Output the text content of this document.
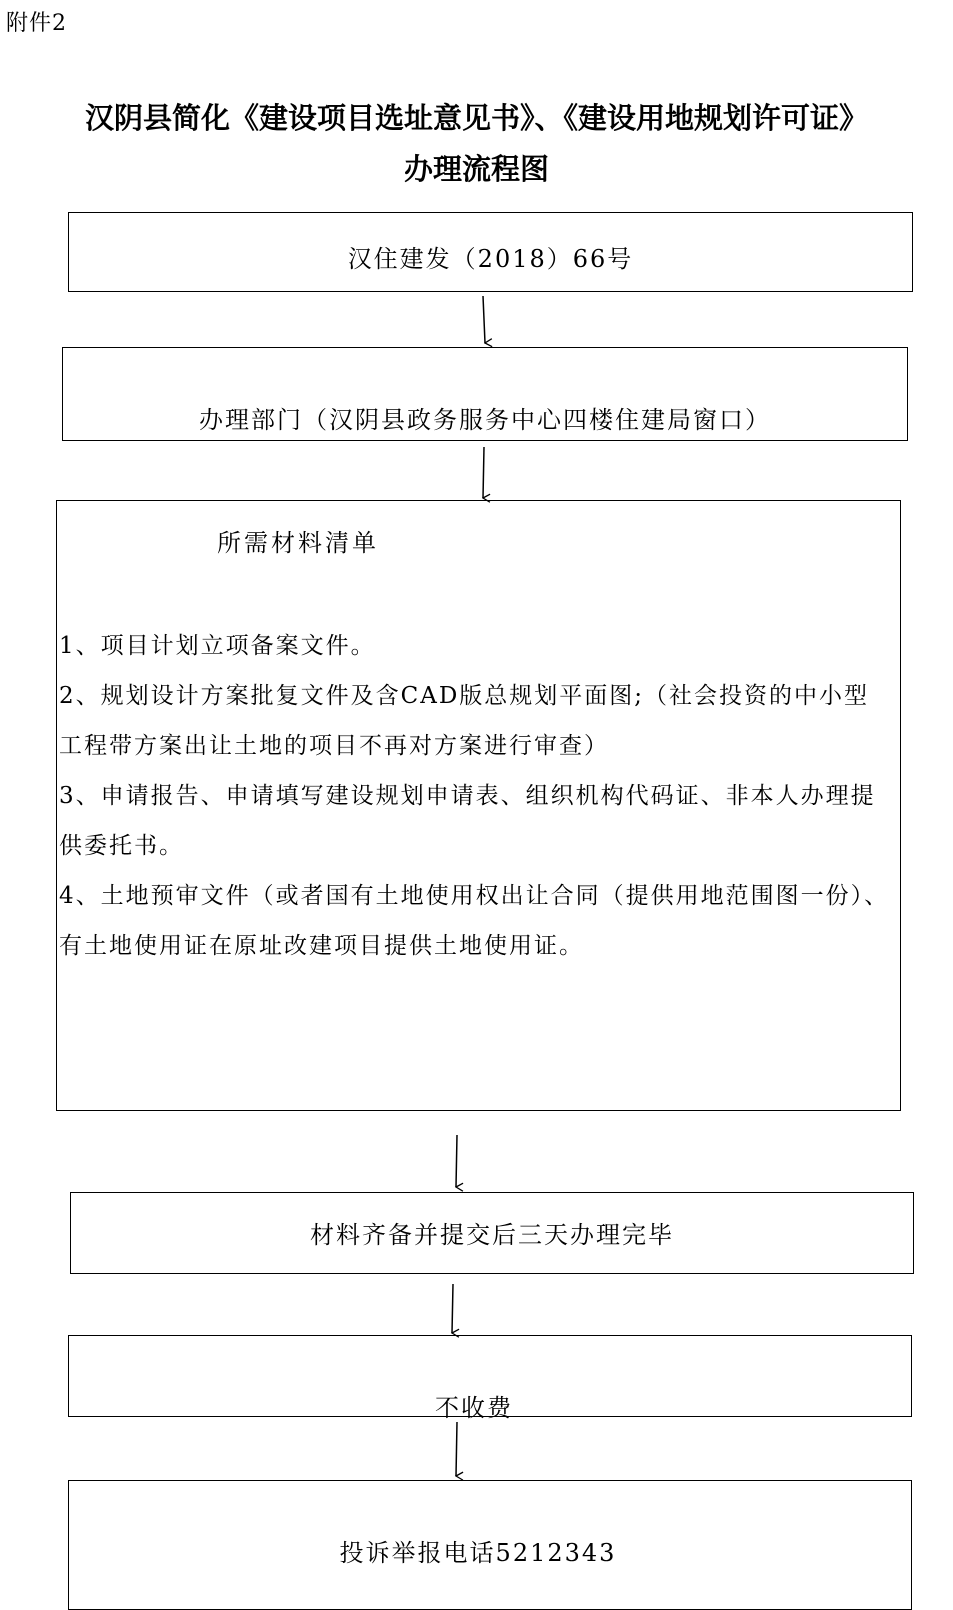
附件2
汉阴县简化《建设项目选址意见书》、《建设用地规划许可证》
办理流程图
汉住建发（2018）66号
办理部门（汉阴县政务服务中心四楼住建局窗口）
所需材料清单
1、项目计划立项备案文件。
2、规划设计方案批复文件及含CAD版总规划平面图;（社会投资的中小型工程带方案出让土地的项目不再对方案进行审查）
3、申请报告、申请填写建设规划申请表、组织机构代码证、非本人办理提供委托书。
4、土地预审文件（或者国有土地使用权出让合同（提供用地范围图一份）、有土地使用证在原址改建项目提供土地使用证。
材料齐备并提交后三天办理完毕
不收费
投诉举报电话5212343
